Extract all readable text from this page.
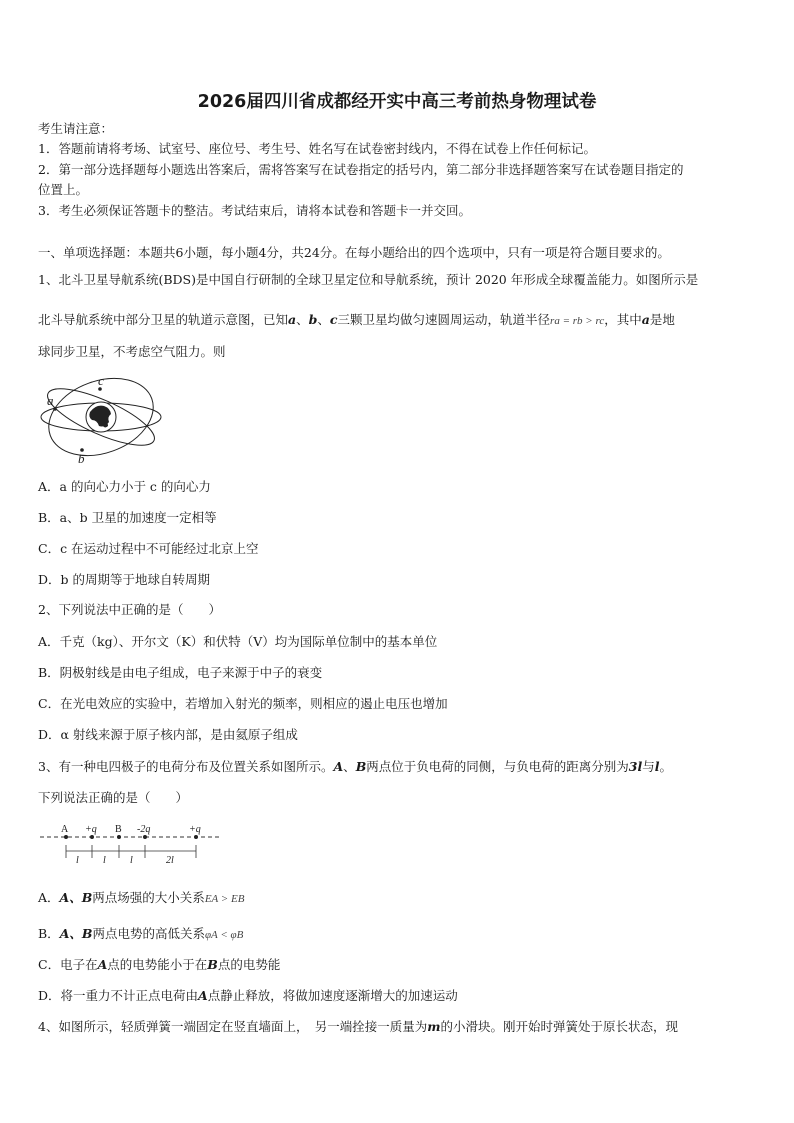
2026届四川省成都经开实中高三考前热身物理试卷
考生请注意：
1．答题前请将考场、试室号、座位号、考生号、姓名写在试卷密封线内，不得在试卷上作任何标记。
2．第一部分选择题每小题选出答案后，需将答案写在试卷指定的括号内，第二部分非选择题答案写在试卷题目指定的
位置上。
3．考生必须保证答题卡的整洁。考试结束后，请将本试卷和答题卡一并交回。
一、单项选择题：本题共6小题，每小题4分，共24分。在每小题给出的四个选项中，只有一项是符合题目要求的。
1、北斗卫星导航系统(BDS)是中国自行研制的全球卫星定位和导航系统，预计 2020 年形成全球覆盖能力。如图所示是
北斗导航系统中部分卫星的轨道示意图，已知a、b、c三颗卫星均做匀速圆周运动，轨道半径ra = rb > rc，其中a是地
球同步卫星，不考虑空气阻力。则
a
c
b
A．a 的向心力小于 c 的向心力
B．a、b 卫星的加速度一定相等
C．c 在运动过程中不可能经过北京上空
D．b 的周期等于地球自转周期
2、下列说法中正确的是（　　）
A．千克（kg）、开尔文（K）和伏特（V）均为国际单位制中的基本单位
B．阴极射线是由电子组成，电子来源于中子的衰变
C．在光电效应的实验中，若增加入射光的频率，则相应的遏止电压也增加
D．α 射线来源于原子核内部，是由氦原子组成
3、有一种电四极子的电荷分布及位置关系如图所示。A、B两点位于负电荷的同侧，与负电荷的距离分别为3l与l。
下列说法正确的是（　　）
A +q B -2q	+q
l l l	2l
A．A、B两点场强的大小关系EA > EB
B．A、B两点电势的高低关系φA < φB
C．电子在A点的电势能小于在B点的电势能
D．将一重力不计正点电荷由A点静止释放，将做加速度逐渐增大的加速运动
4、如图所示，轻质弹簧一端固定在竖直墙面上，　另一端拴接一质量为m的小滑块。刚开始时弹簧处于原长状态，现
